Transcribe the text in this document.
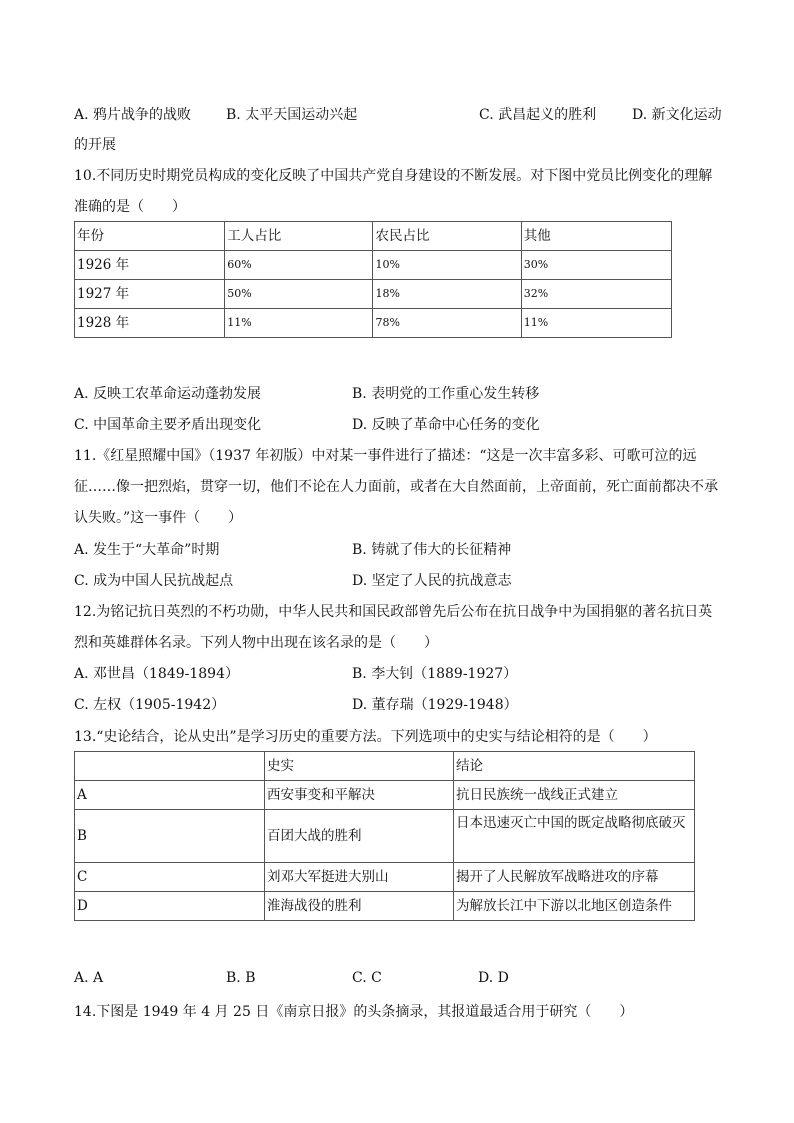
A. 鸦片战争的战败 B. 太平天国运动兴起	C. 武昌起义的胜利	D. 新文化运动
的开展
10.不同历史时期党员构成的变化反映了中国共产党自身建设的不断发展。对下图中党员比例变化的理解
准确的是（　　）
年份	工人占比	农民占比	其他
1926 年	60%	10%	30%
1927 年	50%	18%	32%
1928 年	11%	78%	11%
A. 反映工农革命运动蓬勃发展	B. 表明党的工作重心发生转移
C. 中国革命主要矛盾出现变化	D. 反映了革命中心任务的变化
11.《红星照耀中国》（1937 年初版）中对某一事件进行了描述：“这是一次丰富多彩、可歌可泣的远
征……像一把烈焰，贯穿一切，他们不论在人力面前，或者在大自然面前，上帝面前，死亡面前都决不承
认失败。”这一事件（　　）
A. 发生于“大革命”时期	B. 铸就了伟大的长征精神
C. 成为中国人民抗战起点	D. 坚定了人民的抗战意志
12.为铭记抗日英烈的不朽功勋，中华人民共和国民政部曾先后公布在抗日战争中为国捐躯的著名抗日英
烈和英雄群体名录。下列人物中出现在该名录的是（　　）
A. 邓世昌（1849-1894）	B. 李大钊（1889-1927）
C. 左权（1905-1942）	D. 董存瑞（1929-1948）
13.“史论结合，论从史出”是学习历史的重要方法。下列选项中的史实与结论相符的是（　　）
	史实	结论
A	西安事变和平解决	抗日民族统一战线正式建立
B	百团大战的胜利	日本迅速灭亡中国的既定战略彻底破灭
C	刘邓大军挺进大别山	揭开了人民解放军战略进攻的序幕
D	淮海战役的胜利	为解放长江中下游以北地区创造条件
A. A	B. B	C. C	D. D
14.下图是 1949 年 4 月 25 日《南京日报》的头条摘录，其报道最适合用于研究（　　）
